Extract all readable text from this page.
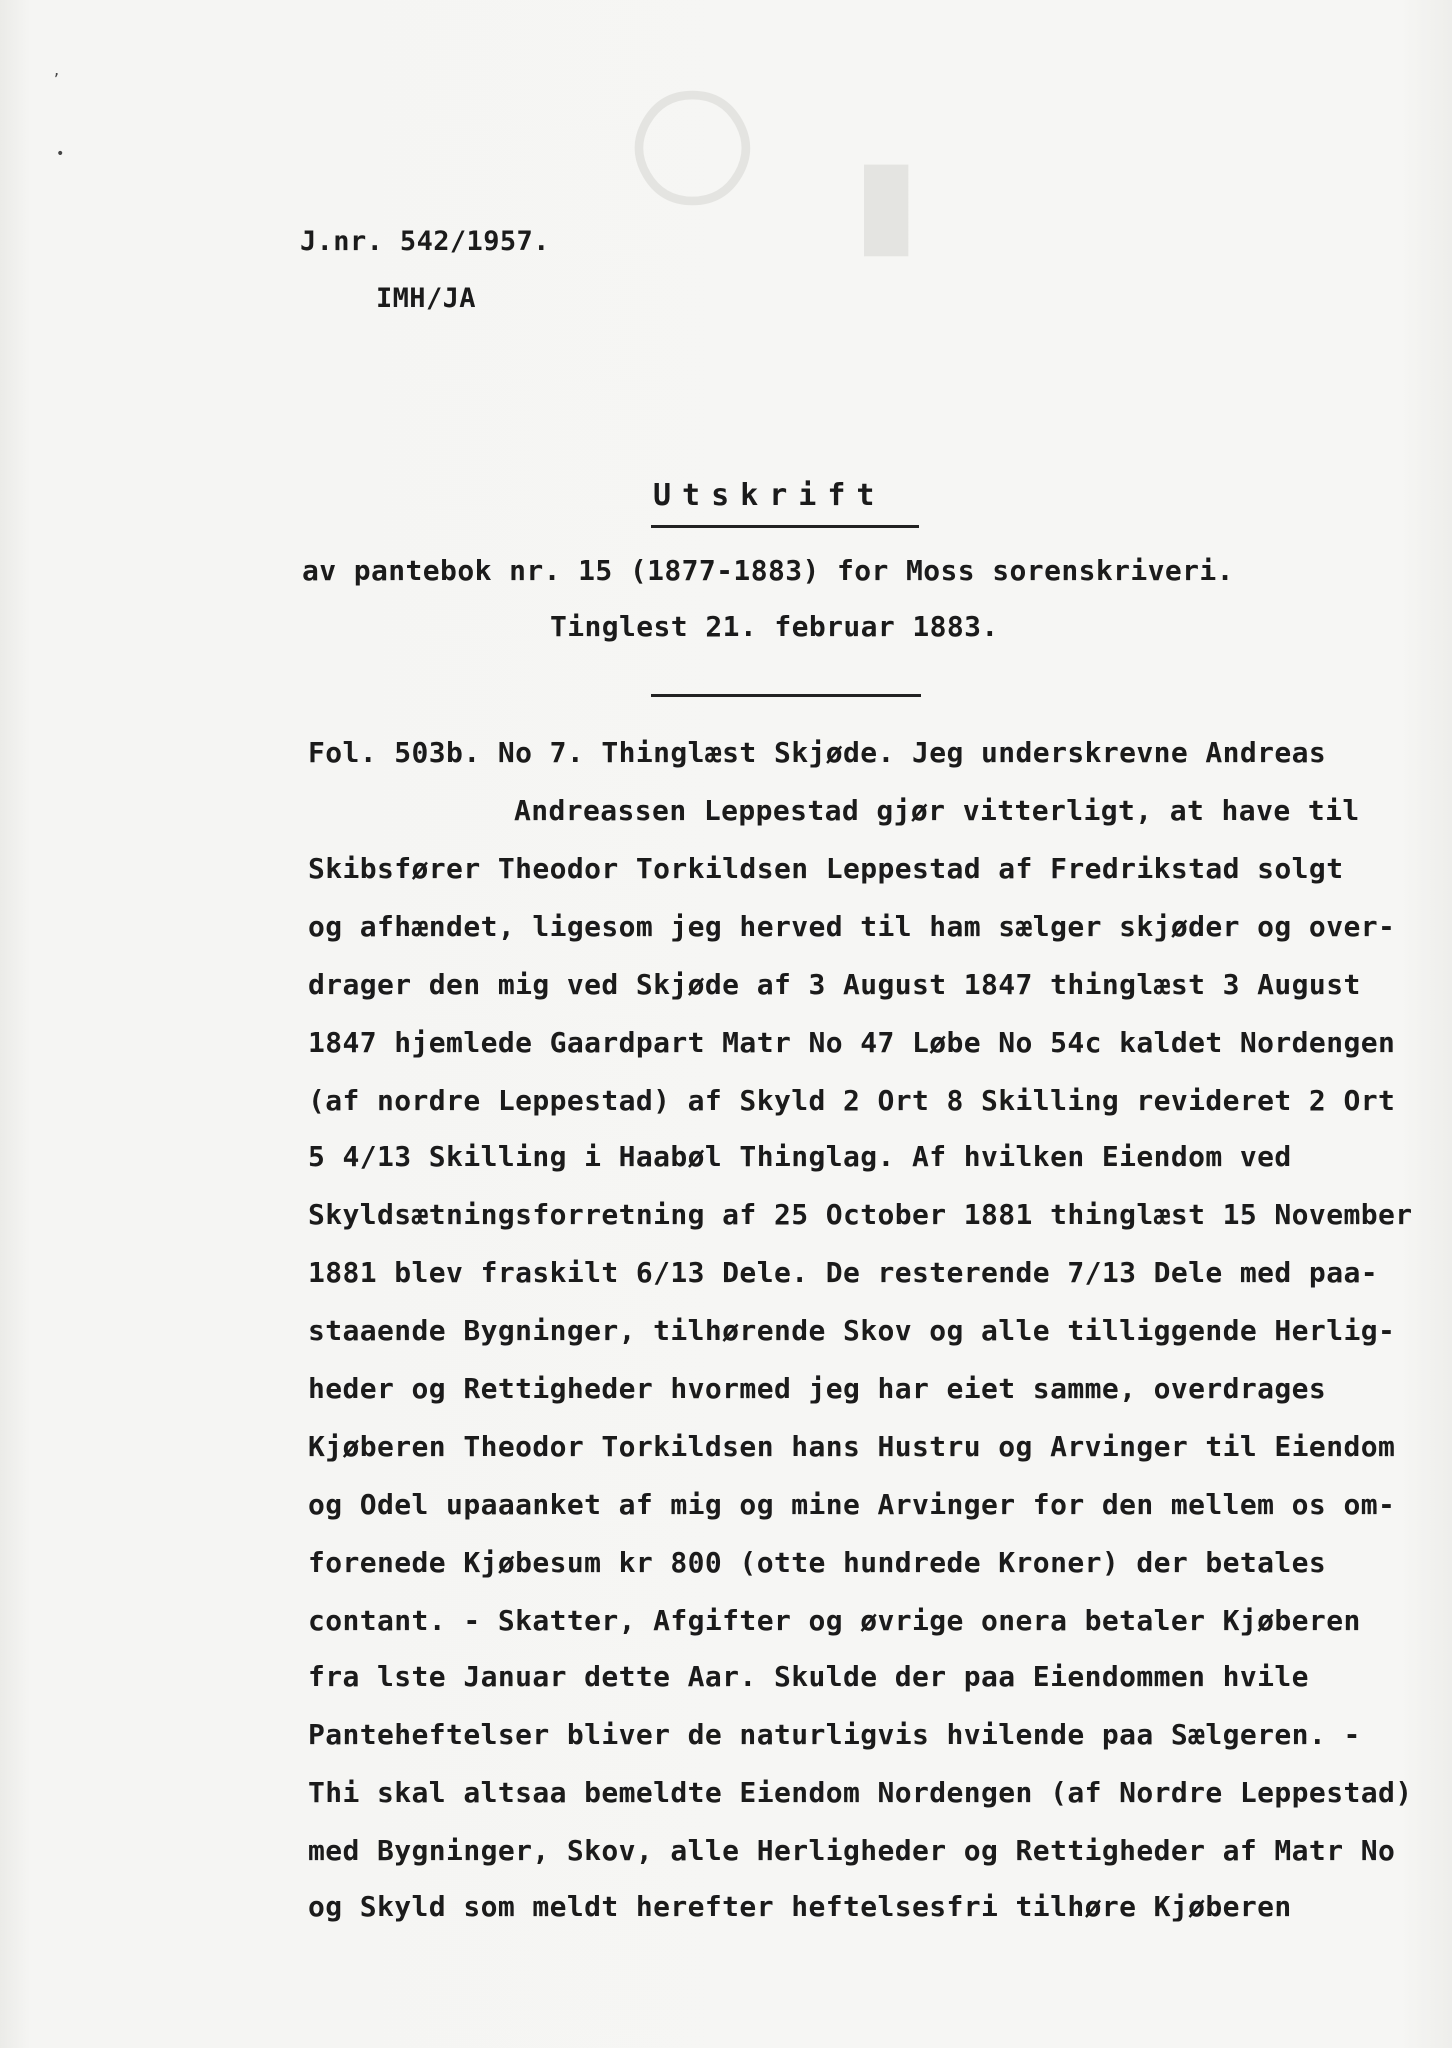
○ ▬
’
•
J.nr. 542/1957.
IMH/JA
Utskrift
av pantebok nr. 15 (1877-1883) for Moss sorenskriveri.
Tinglest 21. februar 1883.
Fol. 503b. No 7. Thinglæst Skjøde. Jeg underskrevne Andreas
Andreassen Leppestad gjør vitterligt, at have til
Skibsfører Theodor Torkildsen Leppestad af Fredrikstad solgt
og afhændet, ligesom jeg herved til ham sælger skjøder og over-
drager den mig ved Skjøde af 3 August 1847 thinglæst 3 August
1847 hjemlede Gaardpart Matr No 47 Løbe No 54c kaldet Nordengen
(af nordre Leppestad) af Skyld 2 Ort 8 Skilling revideret 2 Ort
5 4/13 Skilling i Haabøl Thinglag. Af hvilken Eiendom ved
Skyldsætningsforretning af 25 October 1881 thinglæst 15 November
1881 blev fraskilt 6/13 Dele. De resterende 7/13 Dele med paa-
staaende Bygninger, tilhørende Skov og alle tilliggende Herlig-
heder og Rettigheder hvormed jeg har eiet samme, overdrages
Kjøberen Theodor Torkildsen hans Hustru og Arvinger til Eiendom
og Odel upaaanket af mig og mine Arvinger for den mellem os om-
forenede Kjøbesum kr 800 (otte hundrede Kroner) der betales
contant. - Skatter, Afgifter og øvrige onera betaler Kjøberen
fra lste Januar dette Aar. Skulde der paa Eiendommen hvile
Panteheftelser bliver de naturligvis hvilende paa Sælgeren. -
Thi skal altsaa bemeldte Eiendom Nordengen (af Nordre Leppestad)
med Bygninger, Skov, alle Herligheder og Rettigheder af Matr No
og Skyld som meldt herefter heftelsesfri tilhøre Kjøberen
